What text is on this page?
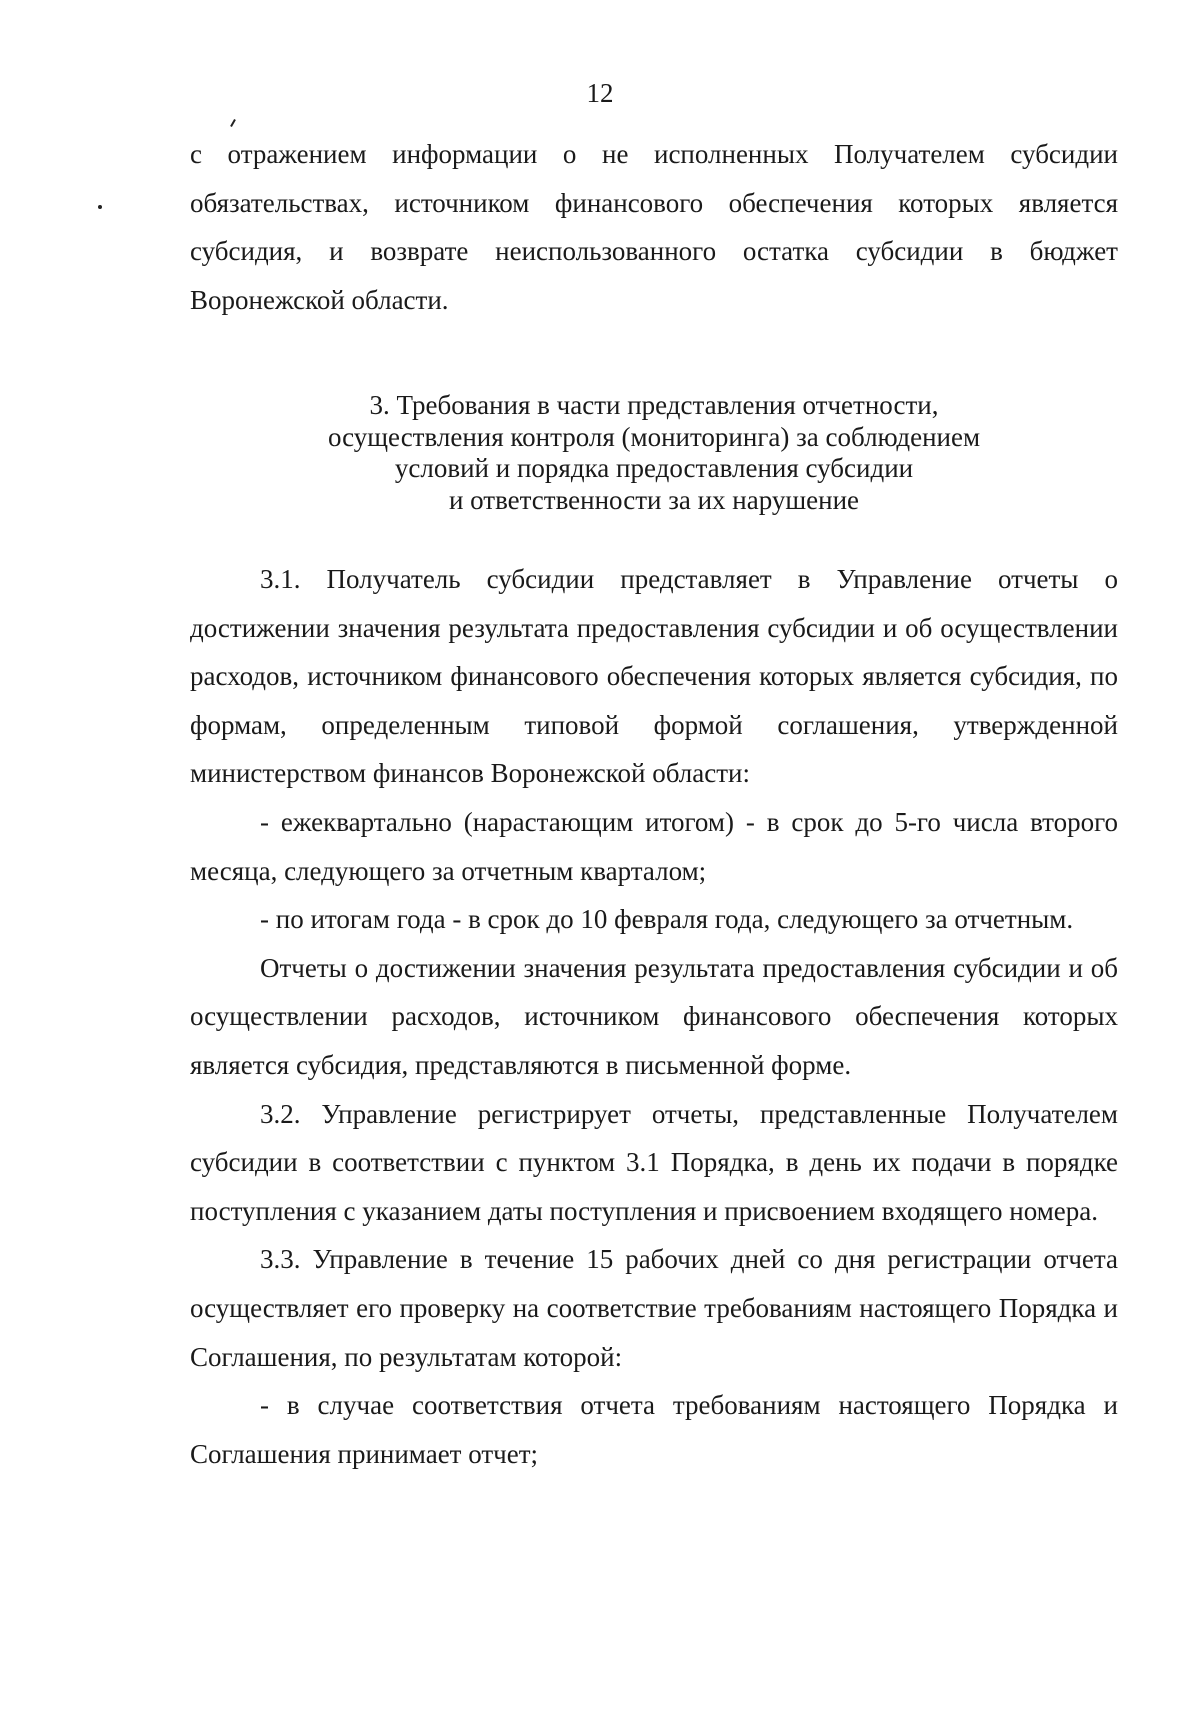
12

с отражением информации о не исполненных Получателем субсидии обязательствах, источником финансового обеспечения которых является субсидия, и возврате неиспользованного остатка субсидии в бюджет Воронежской области.

3. Требования в части представления отчетности,
осуществления контроля (мониторинга) за соблюдением
условий и порядка предоставления субсидии
и ответственности за их нарушение

3.1. Получатель субсидии представляет в Управление отчеты о достижении значения результата предоставления субсидии и об осуществлении расходов, источником финансового обеспечения которых является субсидия, по формам, определенным типовой формой соглашения, утвержденной министерством финансов Воронежской области:

- ежеквартально (нарастающим итогом) - в срок до 5-го числа второго месяца, следующего за отчетным кварталом;

- по итогам года - в срок до 10 февраля года, следующего за отчетным.

Отчеты о достижении значения результата предоставления субсидии и об осуществлении расходов, источником финансового обеспечения которых является субсидия, представляются в письменной форме.

3.2. Управление регистрирует отчеты, представленные Получателем субсидии в соответствии с пунктом 3.1 Порядка, в день их подачи в порядке поступления с указанием даты поступления и присвоением входящего номера.

3.3. Управление в течение 15 рабочих дней со дня регистрации отчета осуществляет его проверку на соответствие требованиям настоящего Порядка и Соглашения, по результатам которой:

- в случае соответствия отчета требованиям настоящего Порядка и Соглашения принимает отчет;
